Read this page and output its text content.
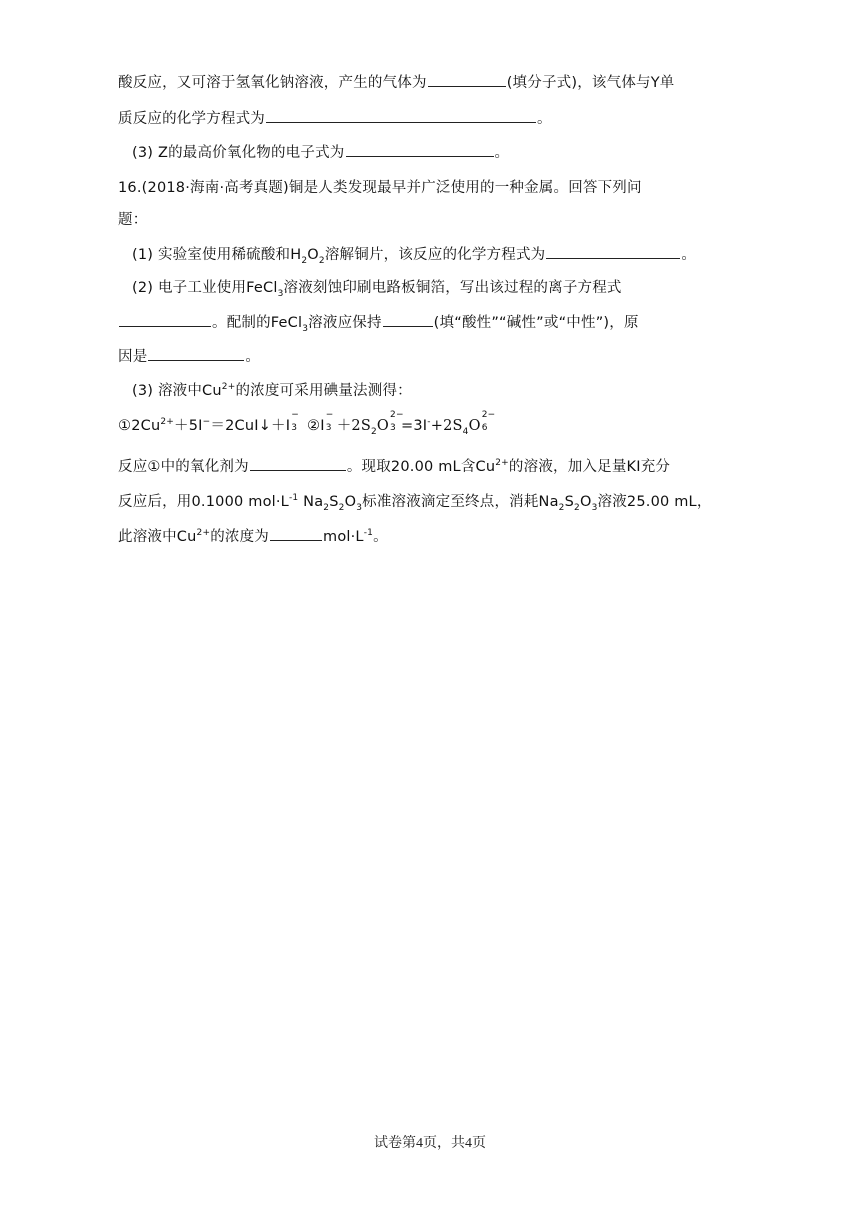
酸反应，又可溶于氢氧化钠溶液，产生的气体为	(填分子式)，该气体与Y单
质反应的化学方程式为	。
(3) Z的最高价氧化物的电子式为	。
16.(2018·海南·高考真题)铜是人类发现最早并广泛使用的一种金属。回答下列问
题：
(1) 实验室使用稀硫酸和$H_2O_2$溶解铜片，该反应的化学方程式为	。
(2) 电子工业使用FeCl$_3$溶液刻蚀印刷电路板铜箔，写出该过程的离子方程式
。配制的FeCl$_3$溶液应保持	(填“酸性”“碱性”或“中性”)，原
因是	。
(3) 溶液中$Cu^{2+}$的浓度可采用碘量法测得：
$①2Cu^{2+}+5I^-=2CuI↓+I$
−
3 ②I
−
$3 +2S_2O$
2−
$3 =3I^-+2S_4O$
2−
6
反应①中的氧化剂为	。现取20.00 mL含$Cu^{2+}$的溶液，加入足量KI充分
反应后，用0.1000 $mol\cdot L^{-1}$ $Na_2S_2O_3$标准溶液滴定至终点，消耗$Na_2S_2O_3$溶液25.00 mL，
此溶液中$Cu^{2+}$的浓度为	$mol\cdot L^{-1}$。
试卷第4页，共4页
